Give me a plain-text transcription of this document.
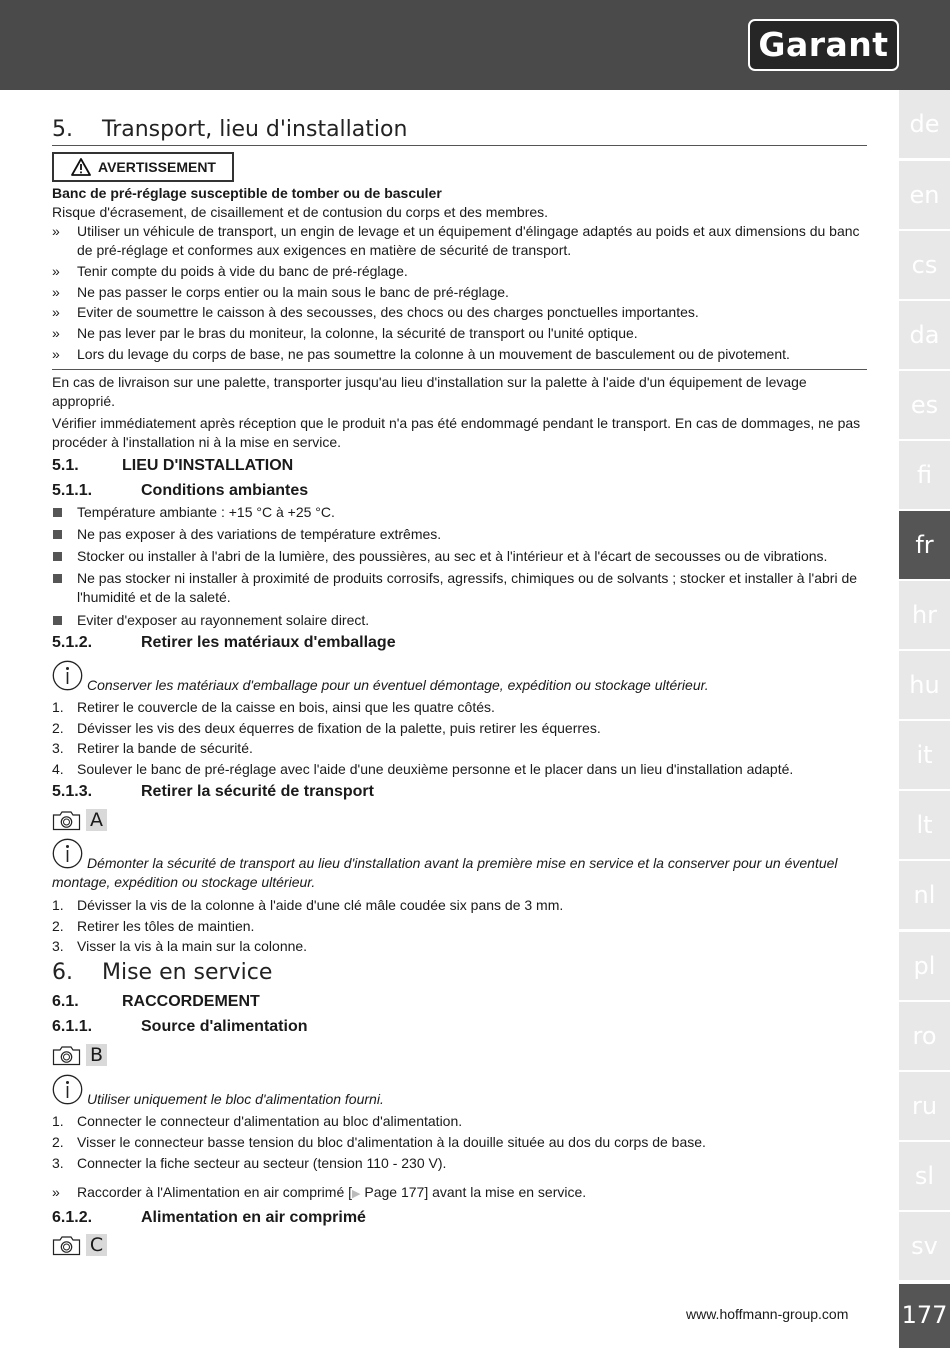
Garant
de
en
cs
da
es
fi
fr
hr
hu
it
lt
nl
pl
ro
ru
sl
sv
177
5. Transport, lieu d'installation
AVERTISSEMENT
Banc de pré-réglage susceptible de tomber ou de basculer
Risque d'écrasement, de cisaillement et de contusion du corps et des membres.
» Utiliser un véhicule de transport, un engin de levage et un équipement d'élingage adaptés au poids et aux dimensions du banc de pré-réglage et conformes aux exigences en matière de sécurité de transport.
» Tenir compte du poids à vide du banc de pré-réglage.
» Ne pas passer le corps entier ou la main sous le banc de pré-réglage.
» Eviter de soumettre le caisson à des secousses, des chocs ou des charges ponctuelles importantes.
» Ne pas lever par le bras du moniteur, la colonne, la sécurité de transport ou l'unité optique.
» Lors du levage du corps de base, ne pas soumettre la colonne à un mouvement de basculement ou de pivotement.
En cas de livraison sur une palette, transporter jusqu'au lieu d'installation sur la palette à l'aide d'un équipement de levage approprié.
Vérifier immédiatement après réception que le produit n'a pas été endommagé pendant le transport. En cas de dommages, ne pas procéder à l'installation ni à la mise en service.
5.1.	LIEU D'INSTALLATION
5.1.1.	Conditions ambiantes
Température ambiante : +15 °C à +25 °C.
Ne pas exposer à des variations de température extrêmes.
Stocker ou installer à l'abri de la lumière, des poussières, au sec et à l'intérieur et à l'écart de secousses ou de vibrations.
Ne pas stocker ni installer à proximité de produits corrosifs, agressifs, chimiques ou de solvants ; stocker et installer à l'abri de l'humidité et de la saleté.
Eviter d'exposer au rayonnement solaire direct.
5.1.2.	Retirer les matériaux d'emballage
Conserver les matériaux d'emballage pour un éventuel démontage, expédition ou stockage ultérieur.
1. Retirer le couvercle de la caisse en bois, ainsi que les quatre côtés.
2. Dévisser les vis des deux équerres de fixation de la palette, puis retirer les équerres.
3. Retirer la bande de sécurité.
4. Soulever le banc de pré-réglage avec l'aide d'une deuxième personne et le placer dans un lieu d'installation adapté.
5.1.3.	Retirer la sécurité de transport
A
Démonter la sécurité de transport au lieu d'installation avant la première mise en service et la conserver pour un éventuel montage, expédition ou stockage ultérieur.
1. Dévisser la vis de la colonne à l'aide d'une clé mâle coudée six pans de 3 mm.
2. Retirer les tôles de maintien.
3. Visser la vis à la main sur la colonne.
6. Mise en service
6.1.	RACCORDEMENT
6.1.1.	Source d'alimentation
B
Utiliser uniquement le bloc d'alimentation fourni.
1. Connecter le connecteur d'alimentation au bloc d'alimentation.
2. Visser le connecteur basse tension du bloc d'alimentation à la douille située au dos du corps de base.
3. Connecter la fiche secteur au secteur (tension 110 - 230 V).
» Raccorder à l'Alimentation en air comprimé [▶ Page 177] avant la mise en service.
6.1.2.	Alimentation en air comprimé
C
www.hoffmann-group.com
